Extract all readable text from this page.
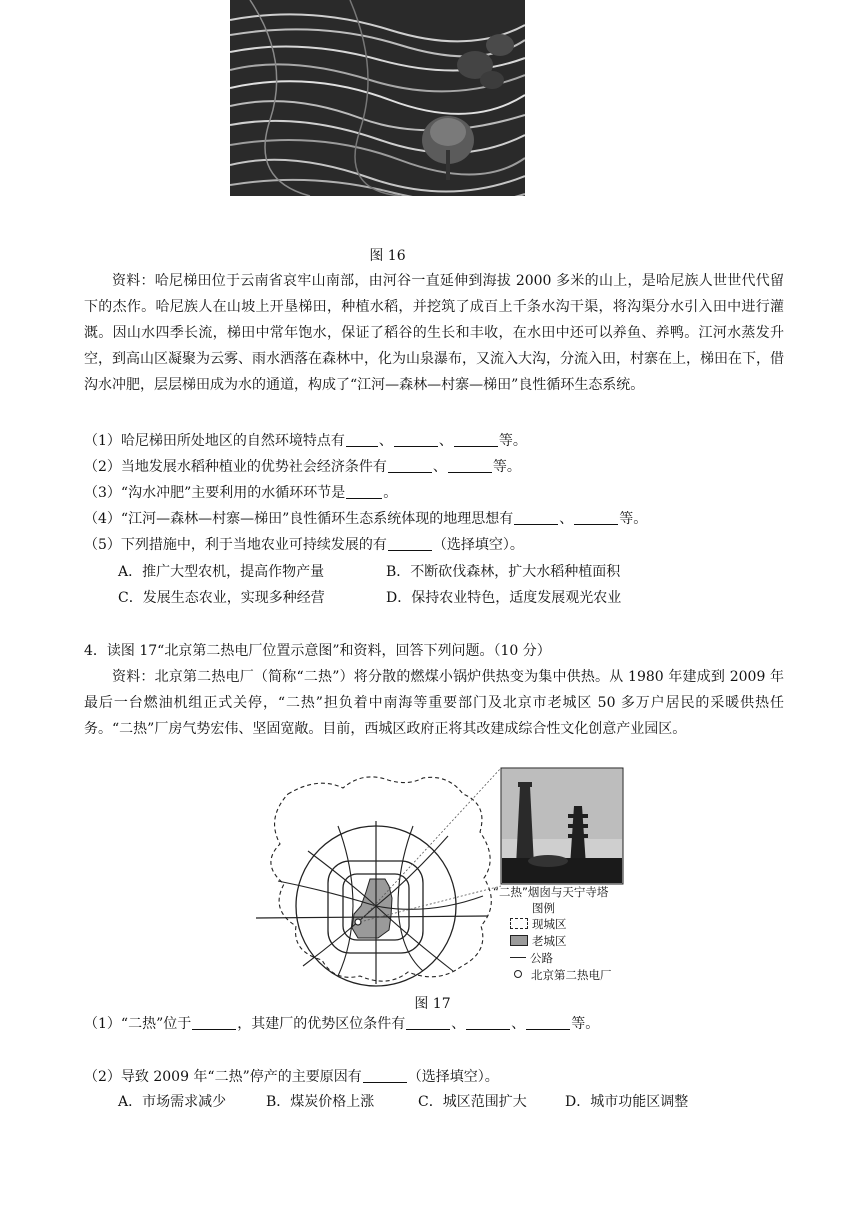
图 16
资料：哈尼梯田位于云南省哀牢山南部，由河谷一直延伸到海拔 2000 多米的山上，是哈尼族人世世代代留下的杰作。哈尼族人在山坡上开垦梯田，种植水稻，并挖筑了成百上千条水沟干渠，将沟渠分水引入田中进行灌溉。因山水四季长流，梯田中常年饱水，保证了稻谷的生长和丰收，在水田中还可以养鱼、养鸭。江河水蒸发升空，到高山区凝聚为云雾、雨水洒落在森林中，化为山泉瀑布，又流入大沟，分流入田，村寨在上，梯田在下，借沟水冲肥，层层梯田成为水的通道，构成了“江河—森林—村寨—梯田”良性循环生态系统。
（1）哈尼梯田所处地区的自然环境特点有 、	、	等。
（2）当地发展水稻种植业的优势社会经济条件有	、	等。
（3）“沟水冲肥”主要利用的水循环环节是	。
（4）“江河—森林—村寨—梯田”良性循环生态系统体现的地理思想有	、	等。
（5）下列措施中，利于当地农业可持续发展的有	（选择填空）。
A．推广大型农机，提高作物产量	B．不断砍伐森林，扩大水稻种植面积
C．发展生态农业，实现多种经营	D．保持农业特色，适度发展观光农业
4．读图 17“北京第二热电厂位置示意图”和资料，回答下列问题。（10 分）
资料：北京第二热电厂（简称“二热”）将分散的燃煤小锅炉供热变为集中供热。从 1980 年建成到 2009 年最后一台燃油机组正式关停，“二热”担负着中南海等重要部门及北京市老城区 50 多万户居民的采暖供热任务。“二热”厂房气势宏伟、坚固宽敞。目前，西城区政府正将其改建成综合性文化创意产业园区。
“二热”烟囱与天宁寺塔
图例
现城区
老城区
公路
北京第二热电厂
图 17
（1）“二热”位于	，其建厂的优势区位条件有	、	、	等。
（2）导致 2009 年“二热”停产的主要原因有	（选择填空）。
A．市场需求减少	B．煤炭价格上涨	C．城区范围扩大	D．城市功能区调整
